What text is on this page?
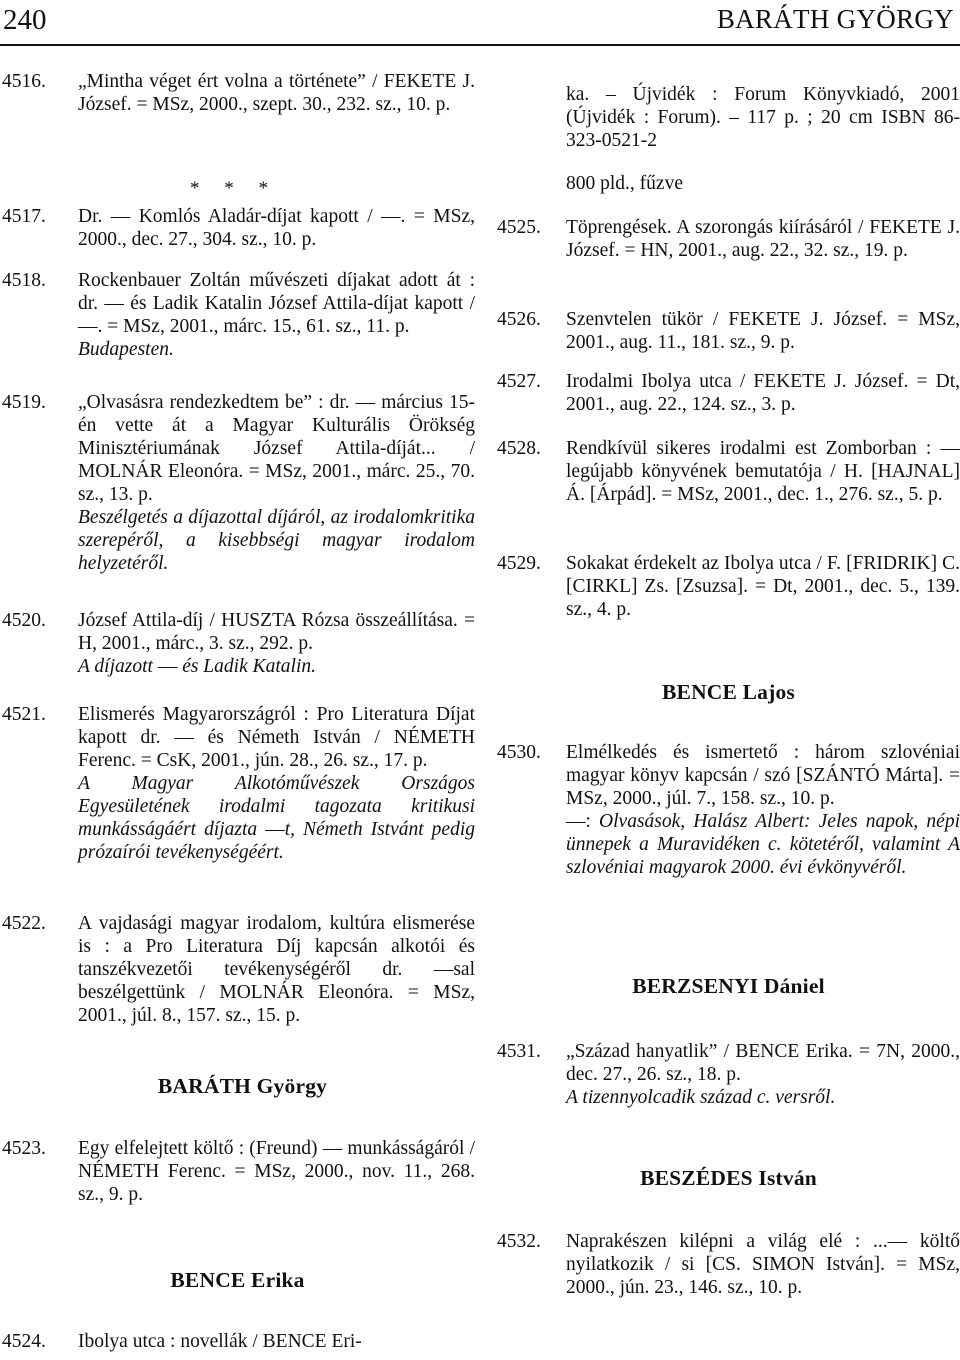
240	BARÁTH GYÖRGY
4516. „Mintha véget ért volna a története” / FEKETE J. József. = MSz, 2000., szept. 30., 232. sz., 10. p.
* * *
4517. Dr. ― Komlós Aladár-díjat kapott / ―. = MSz, 2000., dec. 27., 304. sz., 10. p.
4518. Rockenbauer Zoltán művészeti díjakat adott át : dr. ― és Ladik Katalin József Attila-díjat kapott / ―. = MSz, 2001., márc. 15., 61. sz., 11. p.
Budapesten.
4519. „Olvasásra rendezkedtem be” : dr. ― március 15-én vette át a Magyar Kulturális Örökség Minisztériumának József Attila-díját... / MOLNÁR Eleonóra. = MSz, 2001., márc. 25., 70. sz., 13. p.
Beszélgetés a díjazottal díjáról, az irodalomkritika szerepéről, a kisebbségi magyar irodalom helyzetéről.
4520. József Attila-díj / HUSZTA Rózsa összeállítása. = H, 2001., márc., 3. sz., 292. p.
A díjazott ― és Ladik Katalin.
4521. Elismerés Magyarországról : Pro Literatura Díjat kapott dr. ― és Németh István / NÉMETH Ferenc. = CsK, 2001., jún. 28., 26. sz., 17. p.
A Magyar Alkotóművészek Országos Egyesületének irodalmi tagozata kritikusi munkásságáért díjazta ―t, Németh Istvánt pedig prózaírói tevékenységéért.
4522. A vajdasági magyar irodalom, kultúra elismerése is : a Pro Literatura Díj kapcsán alkotói és tanszékvezetői tevékenységéről dr. ―sal beszélgettünk / MOLNÁR Eleonóra. = MSz, 2001., júl. 8., 157. sz., 15. p.
BARÁTH György
4523. Egy elfelejtett költő : (Freund) ― munkásságáról / NÉMETH Ferenc. = MSz, 2000., nov. 11., 268. sz., 9. p.
BENCE Erika
4524. Ibolya utca : novellák / BENCE Eri-
ka. – Újvidék : Forum Könyvkiadó, 2001 (Újvidék : Forum). – 117 p. ; 20 cm ISBN 86-323-0521-2
800 pld., fűzve
4525. Töprengések. A szorongás kiírásáról / FEKETE J. József. = HN, 2001., aug. 22., 32. sz., 19. p.
4526. Szenvtelen tükör / FEKETE J. József. = MSz, 2001., aug. 11., 181. sz., 9. p.
4527. Irodalmi Ibolya utca / FEKETE J. József. = Dt, 2001., aug. 22., 124. sz., 3. p.
4528. Rendkívül sikeres irodalmi est Zomborban : ― legújabb könyvének bemutatója / H. [HAJNAL] Á. [Árpád]. = MSz, 2001., dec. 1., 276. sz., 5. p.
4529. Sokakat érdekelt az Ibolya utca / F. [FRIDRIK] C. [CIRKL] Zs. [Zsuzsa]. = Dt, 2001., dec. 5., 139. sz., 4. p.
BENCE Lajos
4530. Elmélkedés és ismertető : három szlovéniai magyar könyv kapcsán / szó [SZÁNTÓ Márta]. = MSz, 2000., júl. 7., 158. sz., 10. p.
―: Olvasások, Halász Albert: Jeles napok, népi ünnepek a Muravidéken c. kötetéről, valamint A szlovéniai magyarok 2000. évi évkönyvéről.
BERZSENYI Dániel
4531. „Század hanyatlik” / BENCE Erika. = 7N, 2000., dec. 27., 26. sz., 18. p.
A tizennyolcadik század c. versről.
BESZÉDES István
4532. Naprakészen kilépni a világ elé : ...― költő nyilatkozik / si [CS. SIMON István]. = MSz, 2000., jún. 23., 146. sz., 10. p.
